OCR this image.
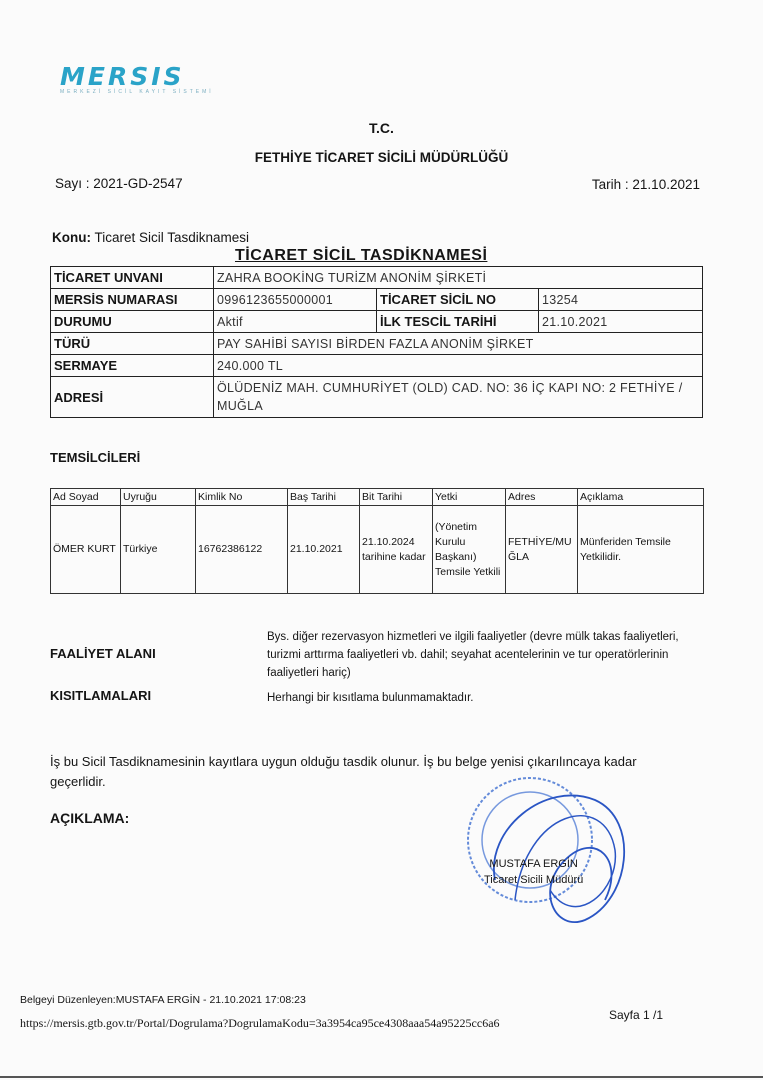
MERSIS
MERKEZİ SİCİL KAYIT SİSTEMİ
T.C.
FETHİYE TİCARET SİCİLİ MÜDÜRLÜĞÜ
Sayı : 2021-GD-2547	Tarih : 21.10.2021
Konu: Ticaret Sicil Tasdiknamesi
TİCARET SİCİL TASDİKNAMESİ
TİCARET UNVANI	ZAHRA BOOKİNG TURİZM ANONİM ŞİRKETİ		
MERSİS NUMARASI	0996123655000001	TİCARET SİCİL NO	13254
DURUMU	Aktif	İLK TESCİL TARİHİ	21.10.2021
TÜRÜ	PAY SAHİBİ SAYISI BİRDEN FAZLA ANONİM ŞİRKET		
SERMAYE	240.000 TL		
ADRESİ	ÖLÜDENİZ MAH. CUMHURİYET (OLD) CAD. NO: 36 İÇ KAPI NO: 2 FETHİYE / MUĞLA		
TEMSİLCİLERİ
Ad Soyad	Uyruğu	Kimlik No	Baş Tarihi	Bit Tarihi	Yetki	Adres	Açıklama
ÖMER KURT	Türkiye	16762386122	21.10.2021	21.10.2024 tarihine kadar	(Yönetim Kurulu Başkanı) Temsile Yetkili	FETHİYE/MUĞLA	Münferiden Temsile Yetkilidir.
FAALİYET ALANI
Bys. diğer rezervasyon hizmetleri ve ilgili faaliyetler (devre mülk takas faaliyetleri, turizmi arttırma faaliyetleri vb. dahil; seyahat acentelerinin ve tur operatörlerinin faaliyetleri hariç)
KISITLAMALARI	Herhangi bir kısıtlama bulunmamaktadır.
İş bu Sicil Tasdiknamesinin kayıtlara uygun olduğu tasdik olunur. İş bu belge yenisi çıkarılıncaya kadar geçerlidir.
AÇIKLAMA:
MUSTAFA ERGİN
Ticaret Sicili Müdürü
Belgeyi Düzenleyen:MUSTAFA ERGİN - 21.10.2021 17:08:23
https://mersis.gtb.gov.tr/Portal/Dogrulama?DogrulamaKodu=3a3954ca95ce4308aaa54a95225cc6a6
Sayfa 1 /1
